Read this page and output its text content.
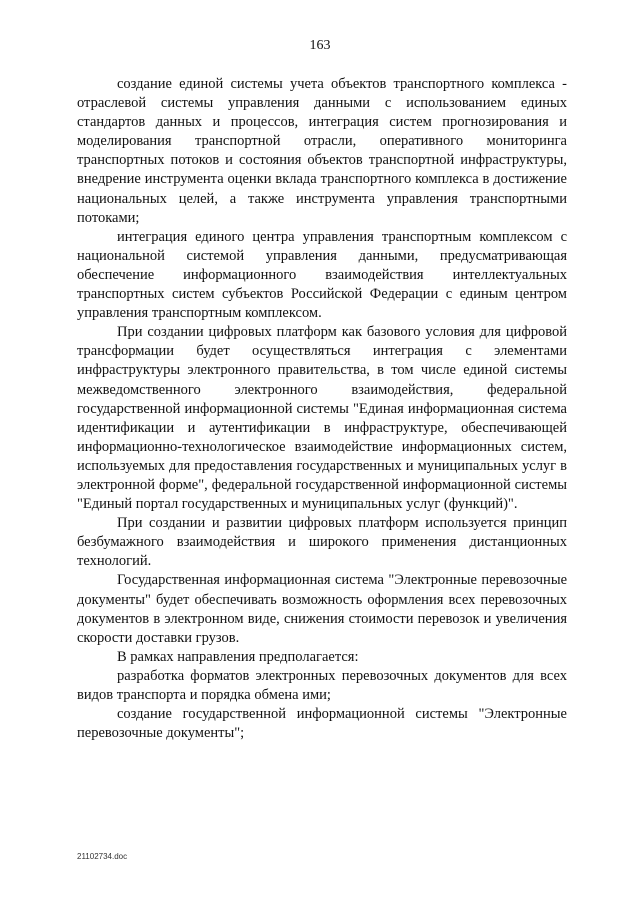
163

создание единой системы учета объектов транспортного комплекса - отраслевой системы управления данными с использованием единых стандартов данных и процессов, интеграция систем прогнозирования и моделирования транспортной отрасли, оперативного мониторинга транспортных потоков и состояния объектов транспортной инфраструктуры, внедрение инструмента оценки вклада транспортного комплекса в достижение национальных целей, а также инструмента управления транспортными потоками;

интеграция единого центра управления транспортным комплексом с национальной системой управления данными, предусматривающая обеспечение информационного взаимодействия интеллектуальных транспортных систем субъектов Российской Федерации с единым центром управления транспортным комплексом.

При создании цифровых платформ как базового условия для цифровой трансформации будет осуществляться интеграция с элементами инфраструктуры электронного правительства, в том числе единой системы межведомственного электронного взаимодействия, федеральной государственной информационной системы "Единая информационная система идентификации и аутентификации в инфраструктуре, обеспечивающей информационно-технологическое взаимодействие информационных систем, используемых для предоставления государственных и муниципальных услуг в электронной форме", федеральной государственной информационной системы "Единый портал государственных и муниципальных услуг (функций)".

При создании и развитии цифровых платформ используется принцип безбумажного взаимодействия и широкого применения дистанционных технологий.

Государственная информационная система "Электронные перевозочные документы" будет обеспечивать возможность оформления всех перевозочных документов в электронном виде, снижения стоимости перевозок и увеличения скорости доставки грузов.

В рамках направления предполагается:

разработка форматов электронных перевозочных документов для всех видов транспорта и порядка обмена ими;

создание государственной информационной системы "Электронные перевозочные документы";

21102734.doc
